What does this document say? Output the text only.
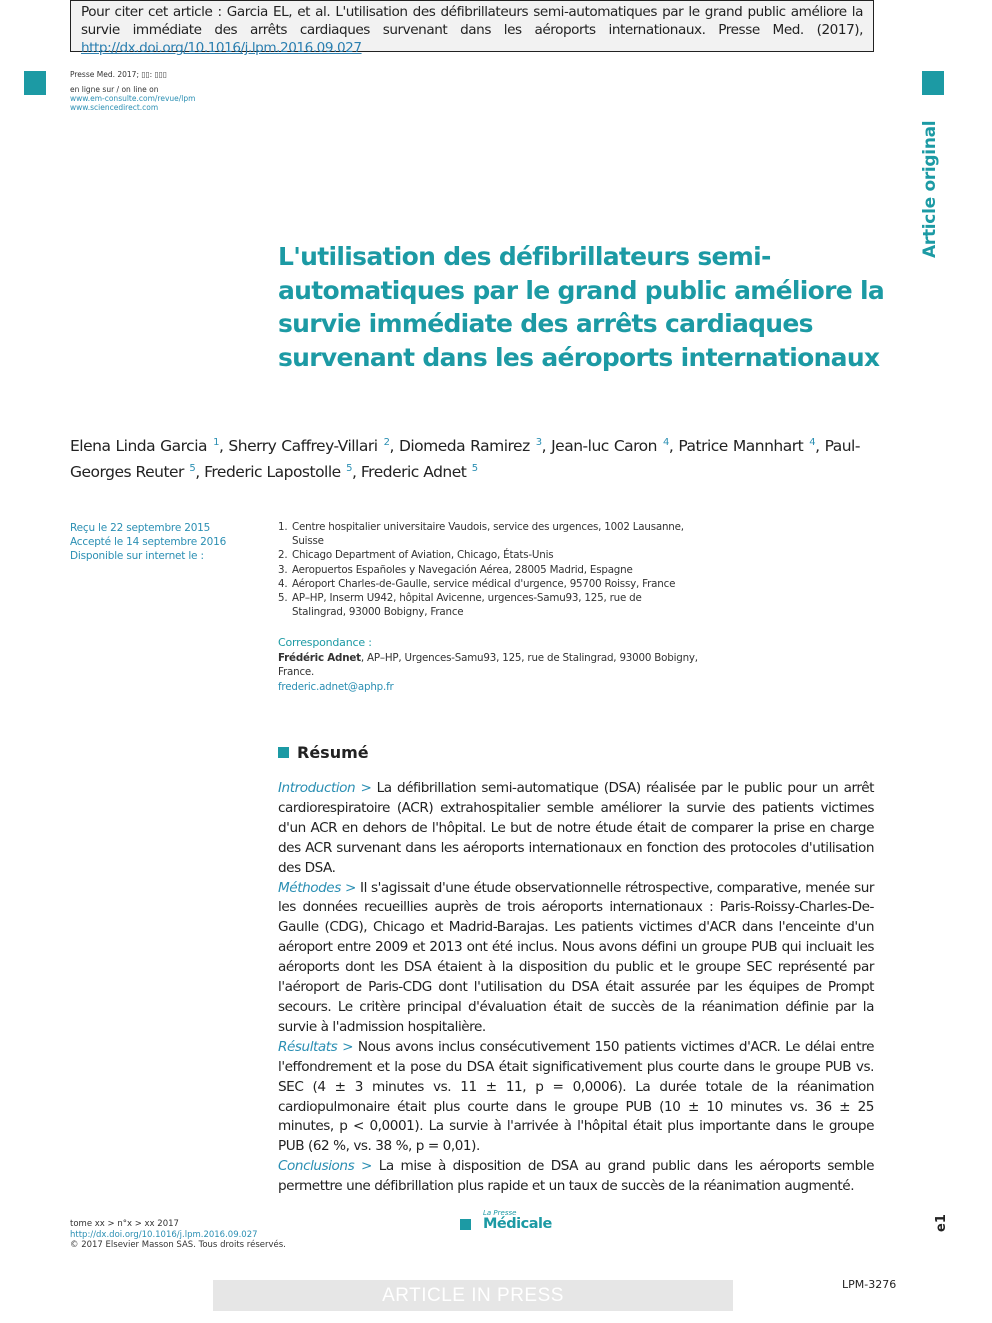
Pour citer cet article : Garcia EL, et al. L'utilisation des défibrillateurs semi-automatiques par le grand public améliore la survie immédiate des arrêts cardiaques survenant dans les aéroports internationaux. Presse Med. (2017), http://dx.doi.org/10.1016/j.lpm.2016.09.027
Presse Med. 2017; ▯▯: ▯▯▯
en ligne sur / on line on
www.em-consulte.com/revue/lpm
www.sciencedirect.com
Article original
L'utilisation des défibrillateurs semi-automatiques par le grand public améliore la survie immédiate des arrêts cardiaques survenant dans les aéroports internationaux
Elena Linda Garcia $^1$, Sherry Caffrey-Villari $^2$, Diomeda Ramirez $^3$, Jean-luc Caron $^4$, Patrice Mannhart $^4$, Paul-Georges Reuter $^5$, Frederic Lapostolle $^5$, Frederic Adnet $^5$
Reçu le 22 septembre 2015
Accepté le 14 septembre 2016
Disponible sur internet le :
1. Centre hospitalier universitaire Vaudois, service des urgences, 1002 Lausanne, Suisse
2. Chicago Department of Aviation, Chicago, États-Unis
3. Aeropuertos Españoles y Navegación Aérea, 28005 Madrid, Espagne
4. Aéroport Charles-de-Gaulle, service médical d'urgence, 95700 Roissy, France
5. AP–HP, Inserm U942, hôpital Avicenne, urgences-Samu93, 125, rue de Stalingrad, 93000 Bobigny, France
Correspondance :
Frédéric Adnet, AP–HP, Urgences-Samu93, 125, rue de Stalingrad, 93000 Bobigny, France.
frederic.adnet@aphp.fr
Résumé

Introduction > La défibrillation semi-automatique (DSA) réalisée par le public pour un arrêt cardiorespiratoire (ACR) extrahospitalier semble améliorer la survie des patients victimes d'un ACR en dehors de l'hôpital. Le but de notre étude était de comparer la prise en charge des ACR survenant dans les aéroports internationaux en fonction des protocoles d'utilisation des DSA.

Méthodes > Il s'agissait d'une étude observationnelle rétrospective, comparative, menée sur les données recueillies auprès de trois aéroports internationaux : Paris-Roissy-Charles-De-Gaulle (CDG), Chicago et Madrid-Barajas. Les patients victimes d'ACR dans l'enceinte d'un aéroport entre 2009 et 2013 ont été inclus. Nous avons défini un groupe PUB qui incluait les aéroports dont les DSA étaient à la disposition du public et le groupe SEC représenté par l'aéroport de Paris-CDG dont l'utilisation du DSA était assurée par les équipes de Prompt secours. Le critère principal d'évaluation était de succès de la réanimation définie par la survie à l'admission hospitalière.

Résultats > Nous avons inclus consécutivement 150 patients victimes d'ACR. Le délai entre l'effondrement et la pose du DSA était significativement plus courte dans le groupe PUB vs. SEC (4 ± 3 minutes vs. 11 ± 11, p = 0,0006). La durée totale de la réanimation cardiopulmonaire était plus courte dans le groupe PUB (10 ± 10 minutes vs. 36 ± 25 minutes, p < 0,0001). La survie à l'arrivée à l'hôpital était plus importante dans le groupe PUB (62 %, vs. 38 %, p = 0,01).

Conclusions > La mise à disposition de DSA au grand public dans les aéroports semble permettre une défibrillation plus rapide et un taux de succès de la réanimation augmenté.

tome xx > n°x > xx 2017
http://dx.doi.org/10.1016/j.lpm.2016.09.027
© 2017 Elsevier Masson SAS. Tous droits réservés.
La Presse
Médicale	e1
ARTICLE IN PRESS
LPM-3276
